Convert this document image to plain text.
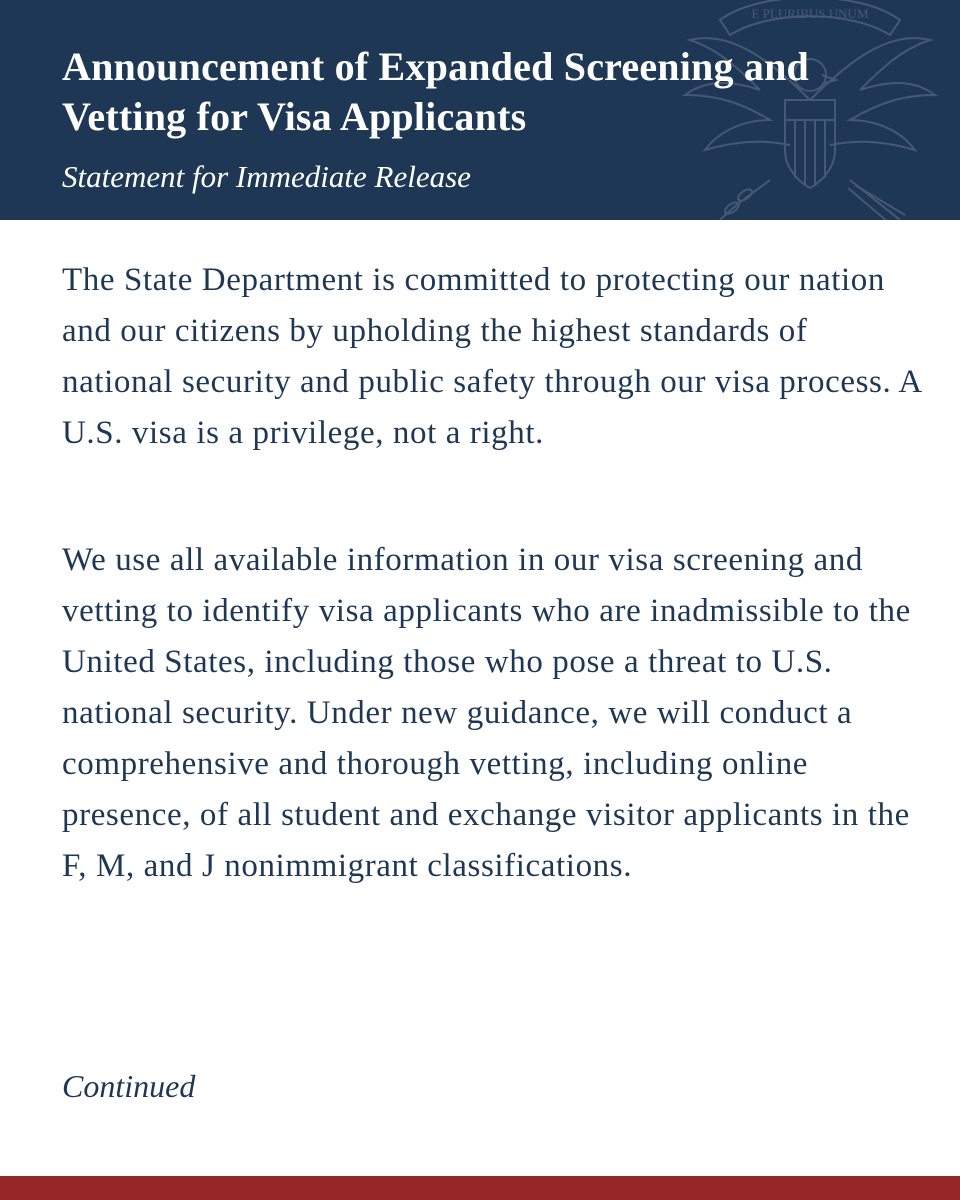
E PLURIBUS UNUM
Announcement of Expanded Screening and Vetting for Visa Applicants

Statement for Immediate Release

The State Department is committed to protecting our nation and our citizens by upholding the highest standards of national security and public safety through our visa process. A U.S. visa is a privilege, not a right.

We use all available information in our visa screening and vetting to identify visa applicants who are inadmissible to the United States, including those who pose a threat to U.S. national security. Under new guidance, we will conduct a comprehensive and thorough vetting, including online presence, of all student and exchange visitor applicants in the F, M, and J nonimmigrant classifications.

Continued
